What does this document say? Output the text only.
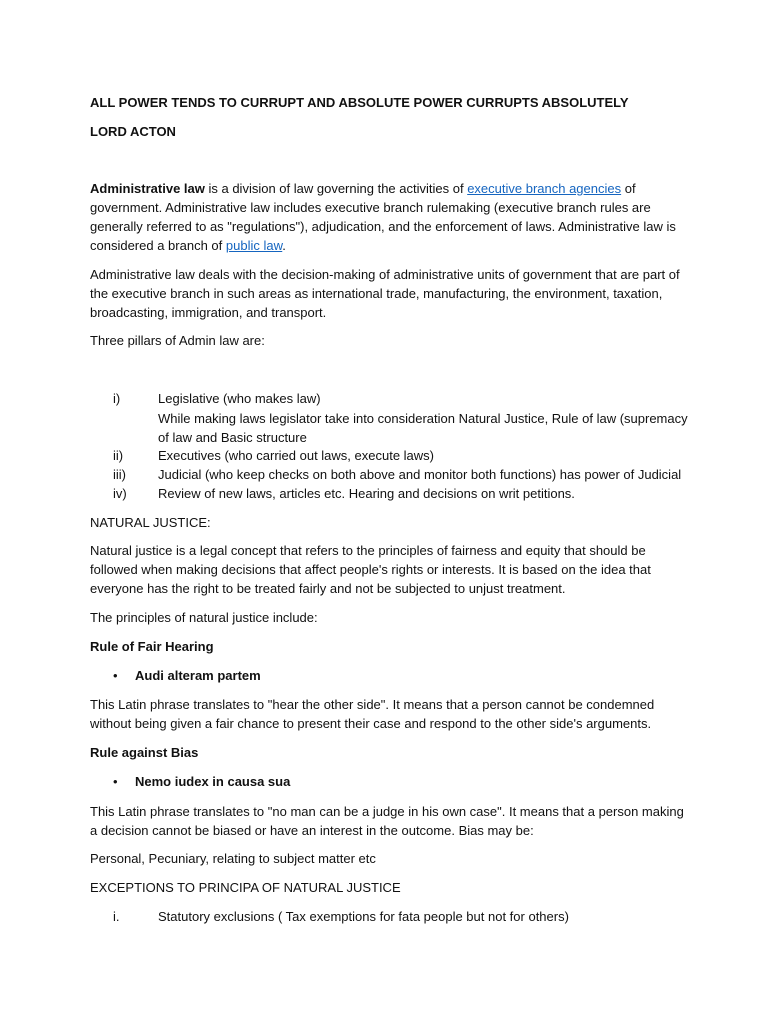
ALL POWER TENDS TO CURRUPT AND ABSOLUTE POWER CURRUPTS ABSOLUTELY

LORD ACTON

Administrative law is a division of law governing the activities of executive branch agencies of government. Administrative law includes executive branch rulemaking (executive branch rules are generally referred to as "regulations"), adjudication, and the enforcement of laws. Administrative law is considered a branch of public law.

Administrative law deals with the decision-making of administrative units of government that are part of the executive branch in such areas as international trade, manufacturing, the environment, taxation, broadcasting, immigration, and transport.

Three pillars of Admin law are:

i)	Legislative (who makes law)
While making laws legislator take into consideration Natural Justice, Rule of law (supremacy of law and Basic structure
ii)	Executives (who carried out laws, execute laws)
iii) Judicial (who keep checks on both above and monitor both functions) has power of Judicial
iv) Review of new laws, articles etc. Hearing and decisions on writ petitions.

NATURAL JUSTICE:

Natural justice is a legal concept that refers to the principles of fairness and equity that should be followed when making decisions that affect people's rights or interests. It is based on the idea that everyone has the right to be treated fairly and not be subjected to unjust treatment.

The principles of natural justice include:

Rule of Fair Hearing

• Audi alteram partem

This Latin phrase translates to "hear the other side". It means that a person cannot be condemned without being given a fair chance to present their case and respond to the other side's arguments.

Rule against Bias

• Nemo iudex in causa sua

This Latin phrase translates to "no man can be a judge in his own case". It means that a person making a decision cannot be biased or have an interest in the outcome. Bias may be:

Personal, Pecuniary, relating to subject matter etc

EXCEPTIONS TO PRINCIPA OF NATURAL JUSTICE

i.	Statutory exclusions ( Tax exemptions for fata people but not for others)
